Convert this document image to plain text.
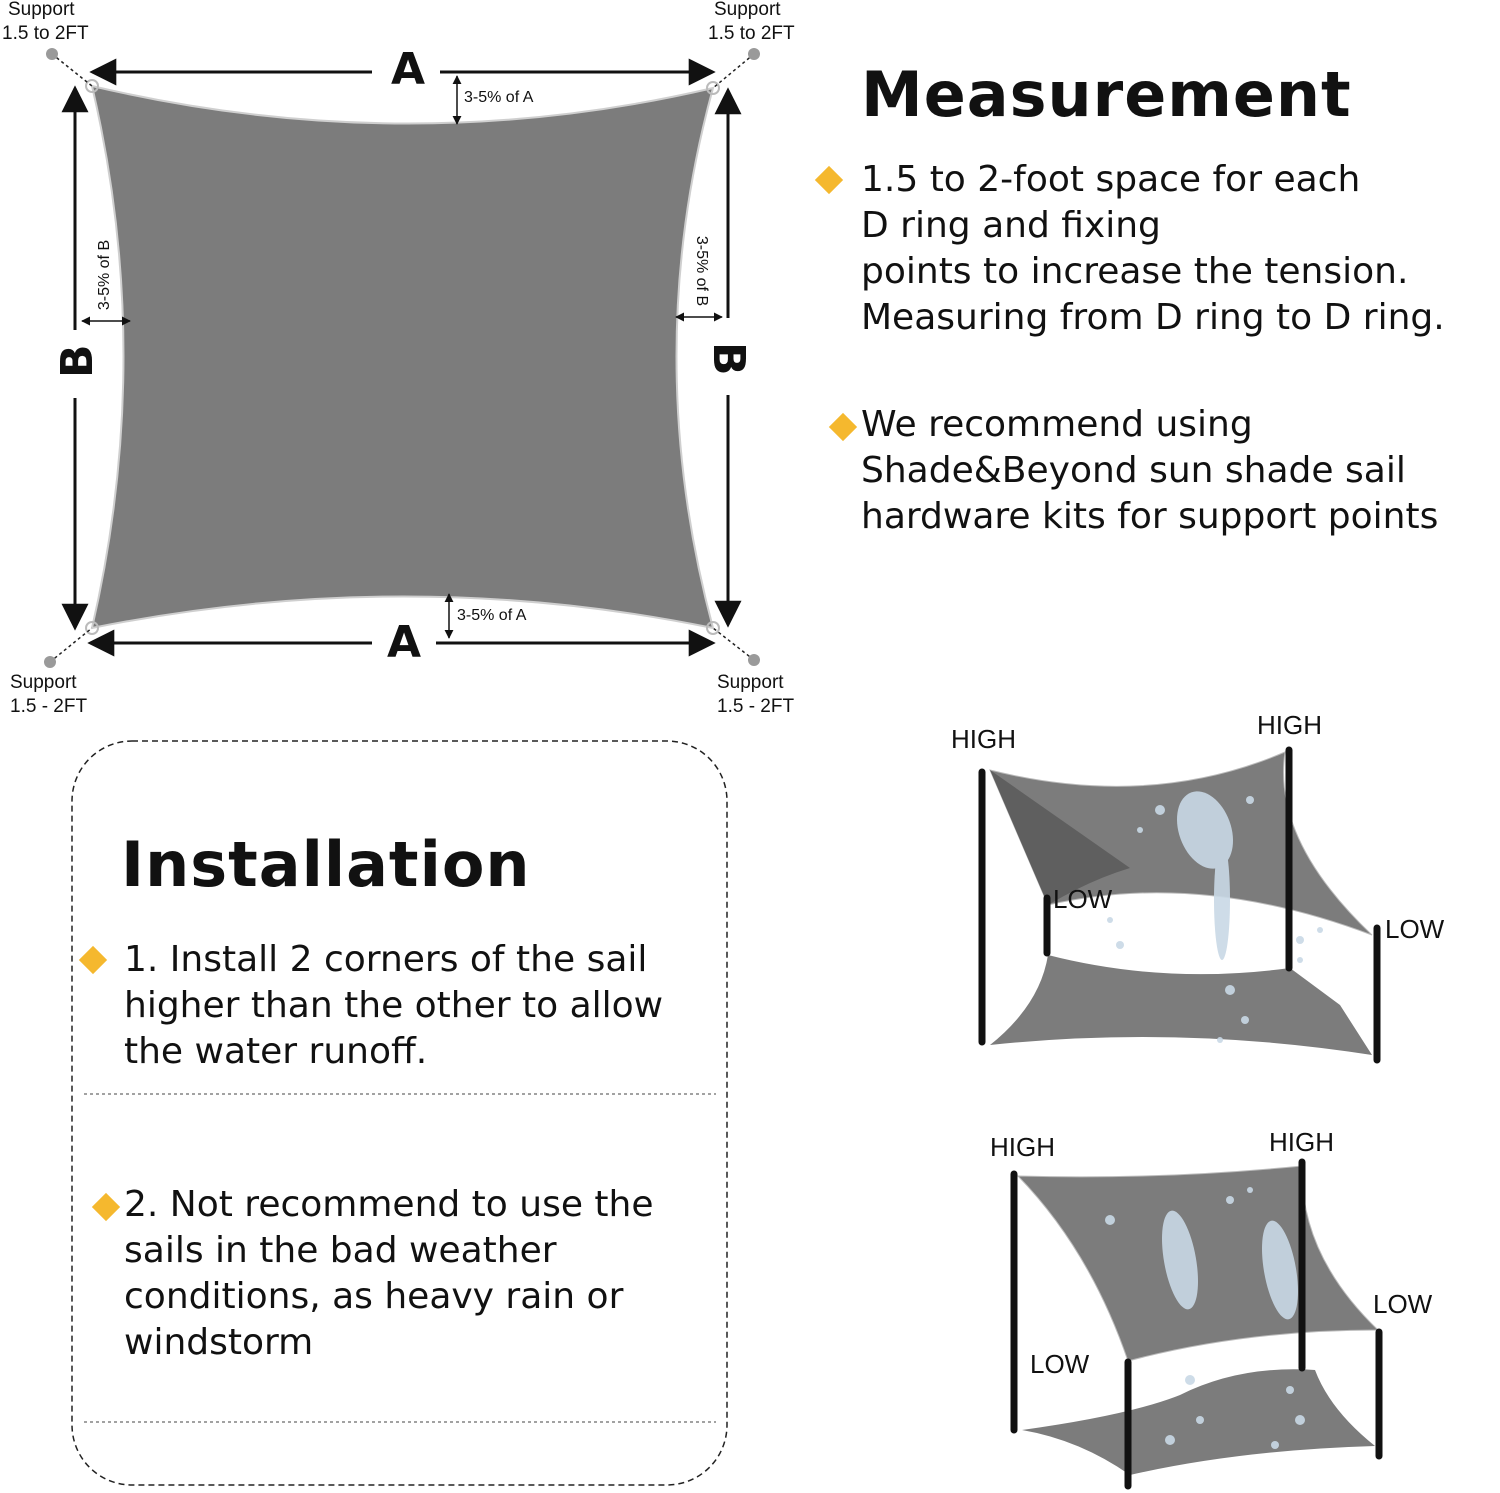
Support
1.5 to 2FT
Support
1.5 to 2FT
Support
1.5 - 2FT
Support
1.5 - 2FT
A
A
B	B
3-5% of A
3-5% of A
3-5% of B	3-5% of B
Measurement
1.5 to 2-foot space for each
D ring and fixing
points to increase the tension.
Measuring from D ring to D ring.
We recommend using
Shade&Beyond sun shade sail
hardware kits for support points
Installation
1. Install 2 corners of the sail
higher than the other to allow
the water runoff.
2. Not recommend to use the
sails in the bad weather
conditions, as heavy rain or
windstorm
HIGH	HIGH
LOW
LOW
HIGH	HIGH
LOW
LOW
